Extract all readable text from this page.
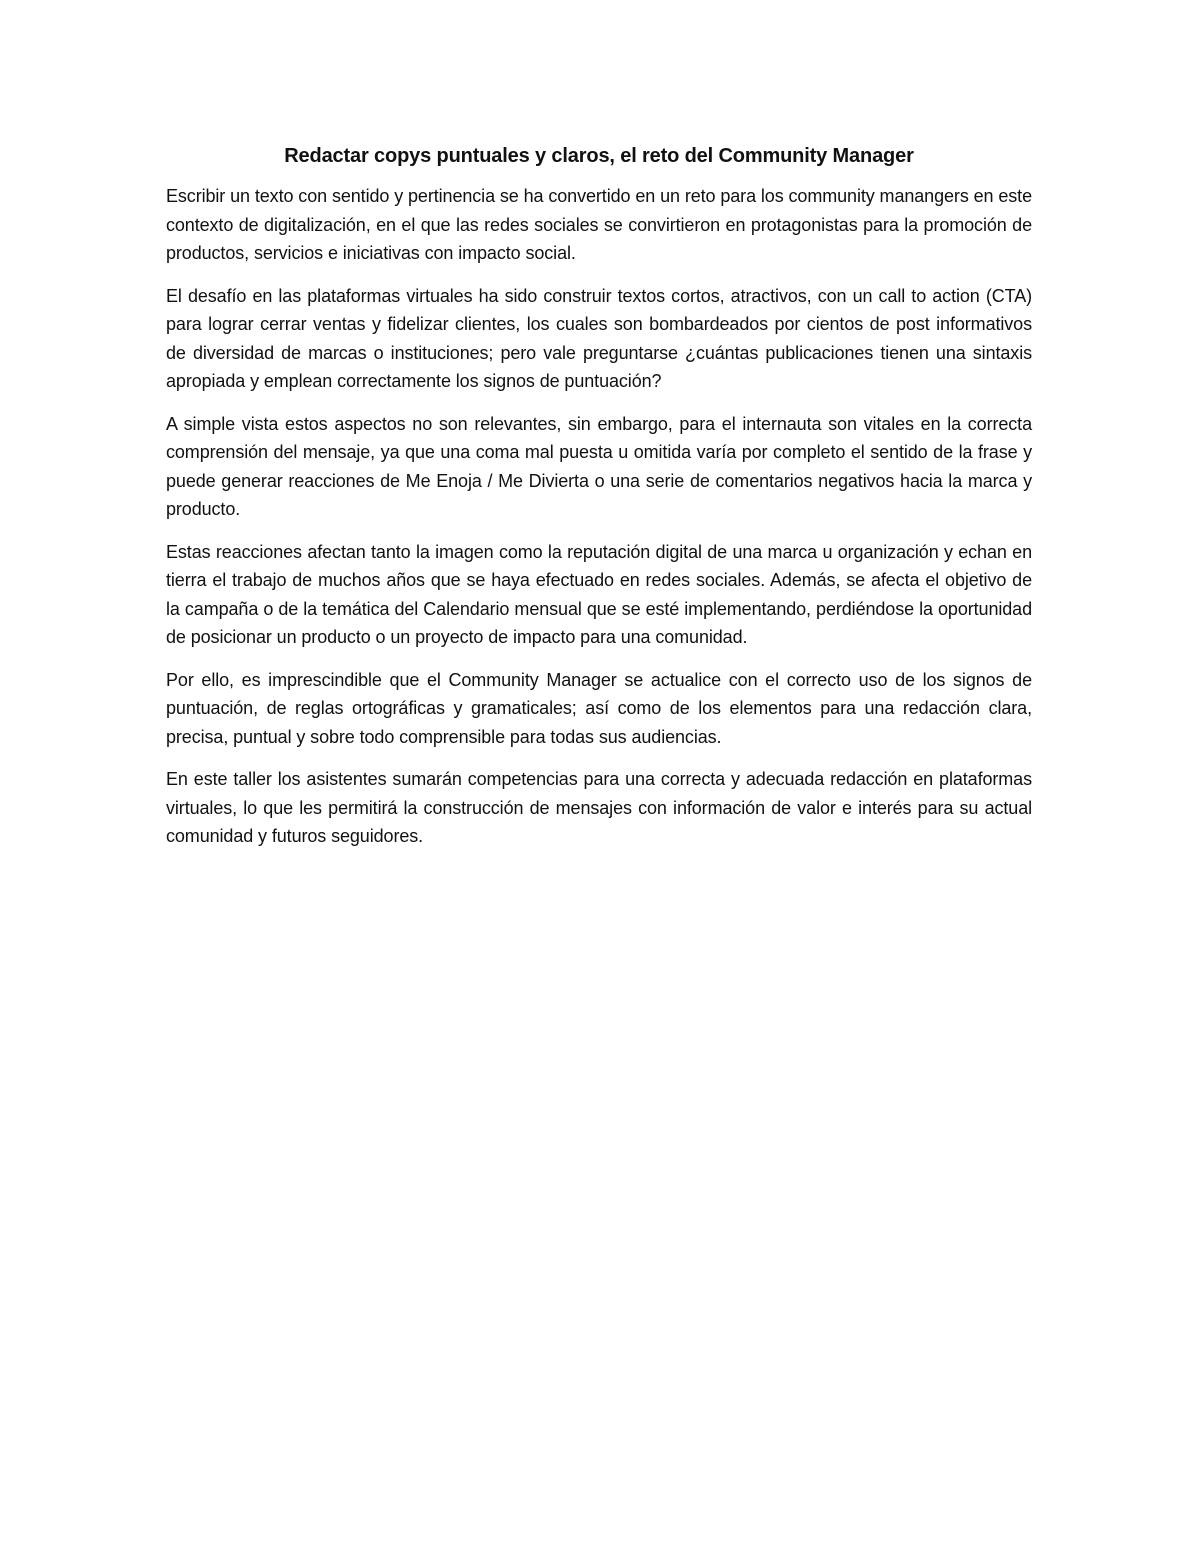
Redactar copys puntuales y claros, el reto del Community Manager

Escribir un texto con sentido y pertinencia se ha convertido en un reto para los community manangers en este contexto de digitalización, en el que las redes sociales se convirtieron en protagonistas para la promoción de productos, servicios e iniciativas con impacto social.

El desafío en las plataformas virtuales ha sido construir textos cortos, atractivos, con un call to action (CTA) para lograr cerrar ventas y fidelizar clientes, los cuales son bombardeados por cientos de post informativos de diversidad de marcas o instituciones; pero vale preguntarse ¿cuántas publicaciones tienen una sintaxis apropiada y emplean correctamente los signos de puntuación?

A simple vista estos aspectos no son relevantes, sin embargo, para el internauta son vitales en la correcta comprensión del mensaje, ya que una coma mal puesta u omitida varía por completo el sentido de la frase y puede generar reacciones de Me Enoja / Me Divierta o una serie de comentarios negativos hacia la marca y producto.

Estas reacciones afectan tanto la imagen como la reputación digital de una marca u organización y echan en tierra el trabajo de muchos años que se haya efectuado en redes sociales. Además, se afecta el objetivo de la campaña o de la temática del Calendario mensual que se esté implementando, perdiéndose la oportunidad de posicionar un producto o un proyecto de impacto para una comunidad.

Por ello, es imprescindible que el Community Manager se actualice con el correcto uso de los signos de puntuación, de reglas ortográficas y gramaticales; así como de los elementos para una redacción clara, precisa, puntual y sobre todo comprensible para todas sus audiencias.

En este taller los asistentes sumarán competencias para una correcta y adecuada redacción en plataformas virtuales, lo que les permitirá la construcción de mensajes con información de valor e interés para su actual comunidad y futuros seguidores.
